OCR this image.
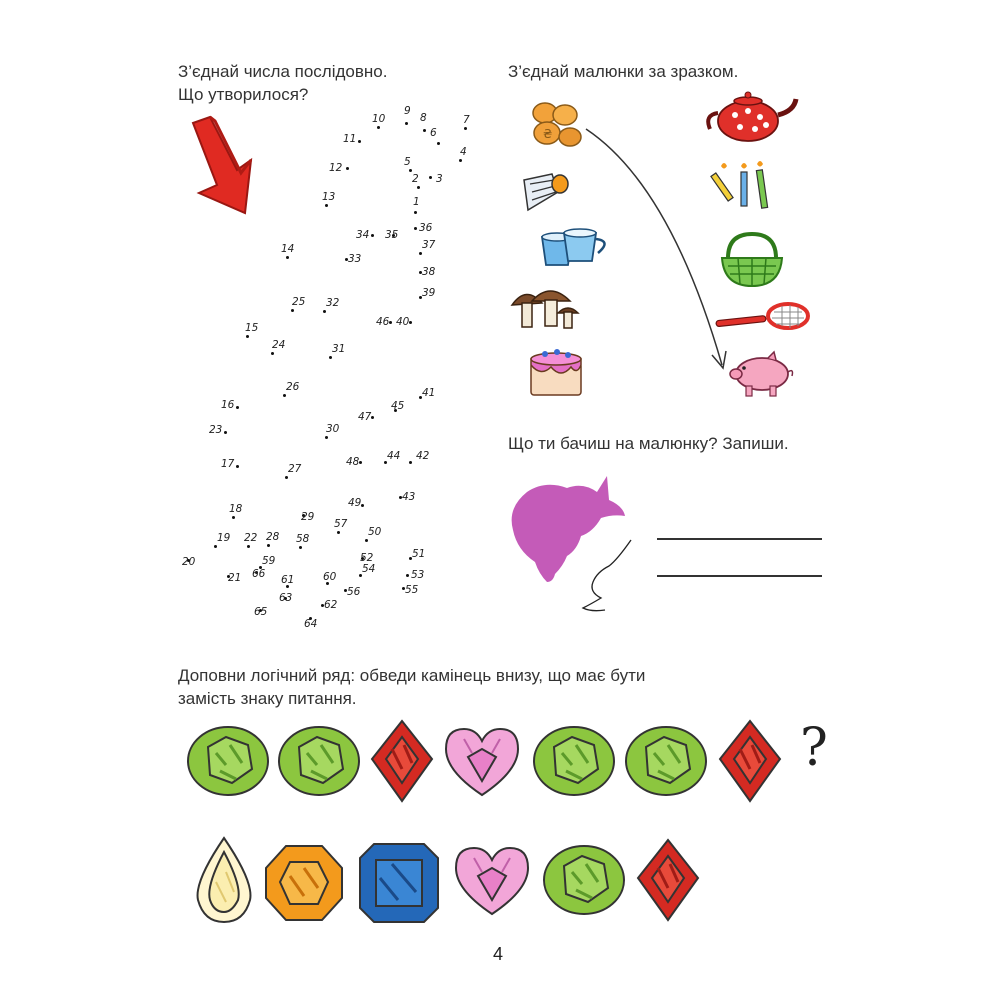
З’єднай числа послідовно.
Що утворилося?
1
2 3
4
5
6
7
8
9
10
11
12
13
14
15
16
17
18
19
20
21
22
23
24
25
26
27
28
29
30
31
32
33
34 35
36
37
38
39
40
41
42
43
44
45
46
47
48
49
50
51
52
53
54
55
56
57
58
59
60
61
62
63
64
65
66
З’єднай малюнки за зразком.
₴
Що ти бачиш на малюнку? Запиши.
Доповни логічний ряд: обведи камінець внизу, що має бути
замість знаку питання.
?
4
